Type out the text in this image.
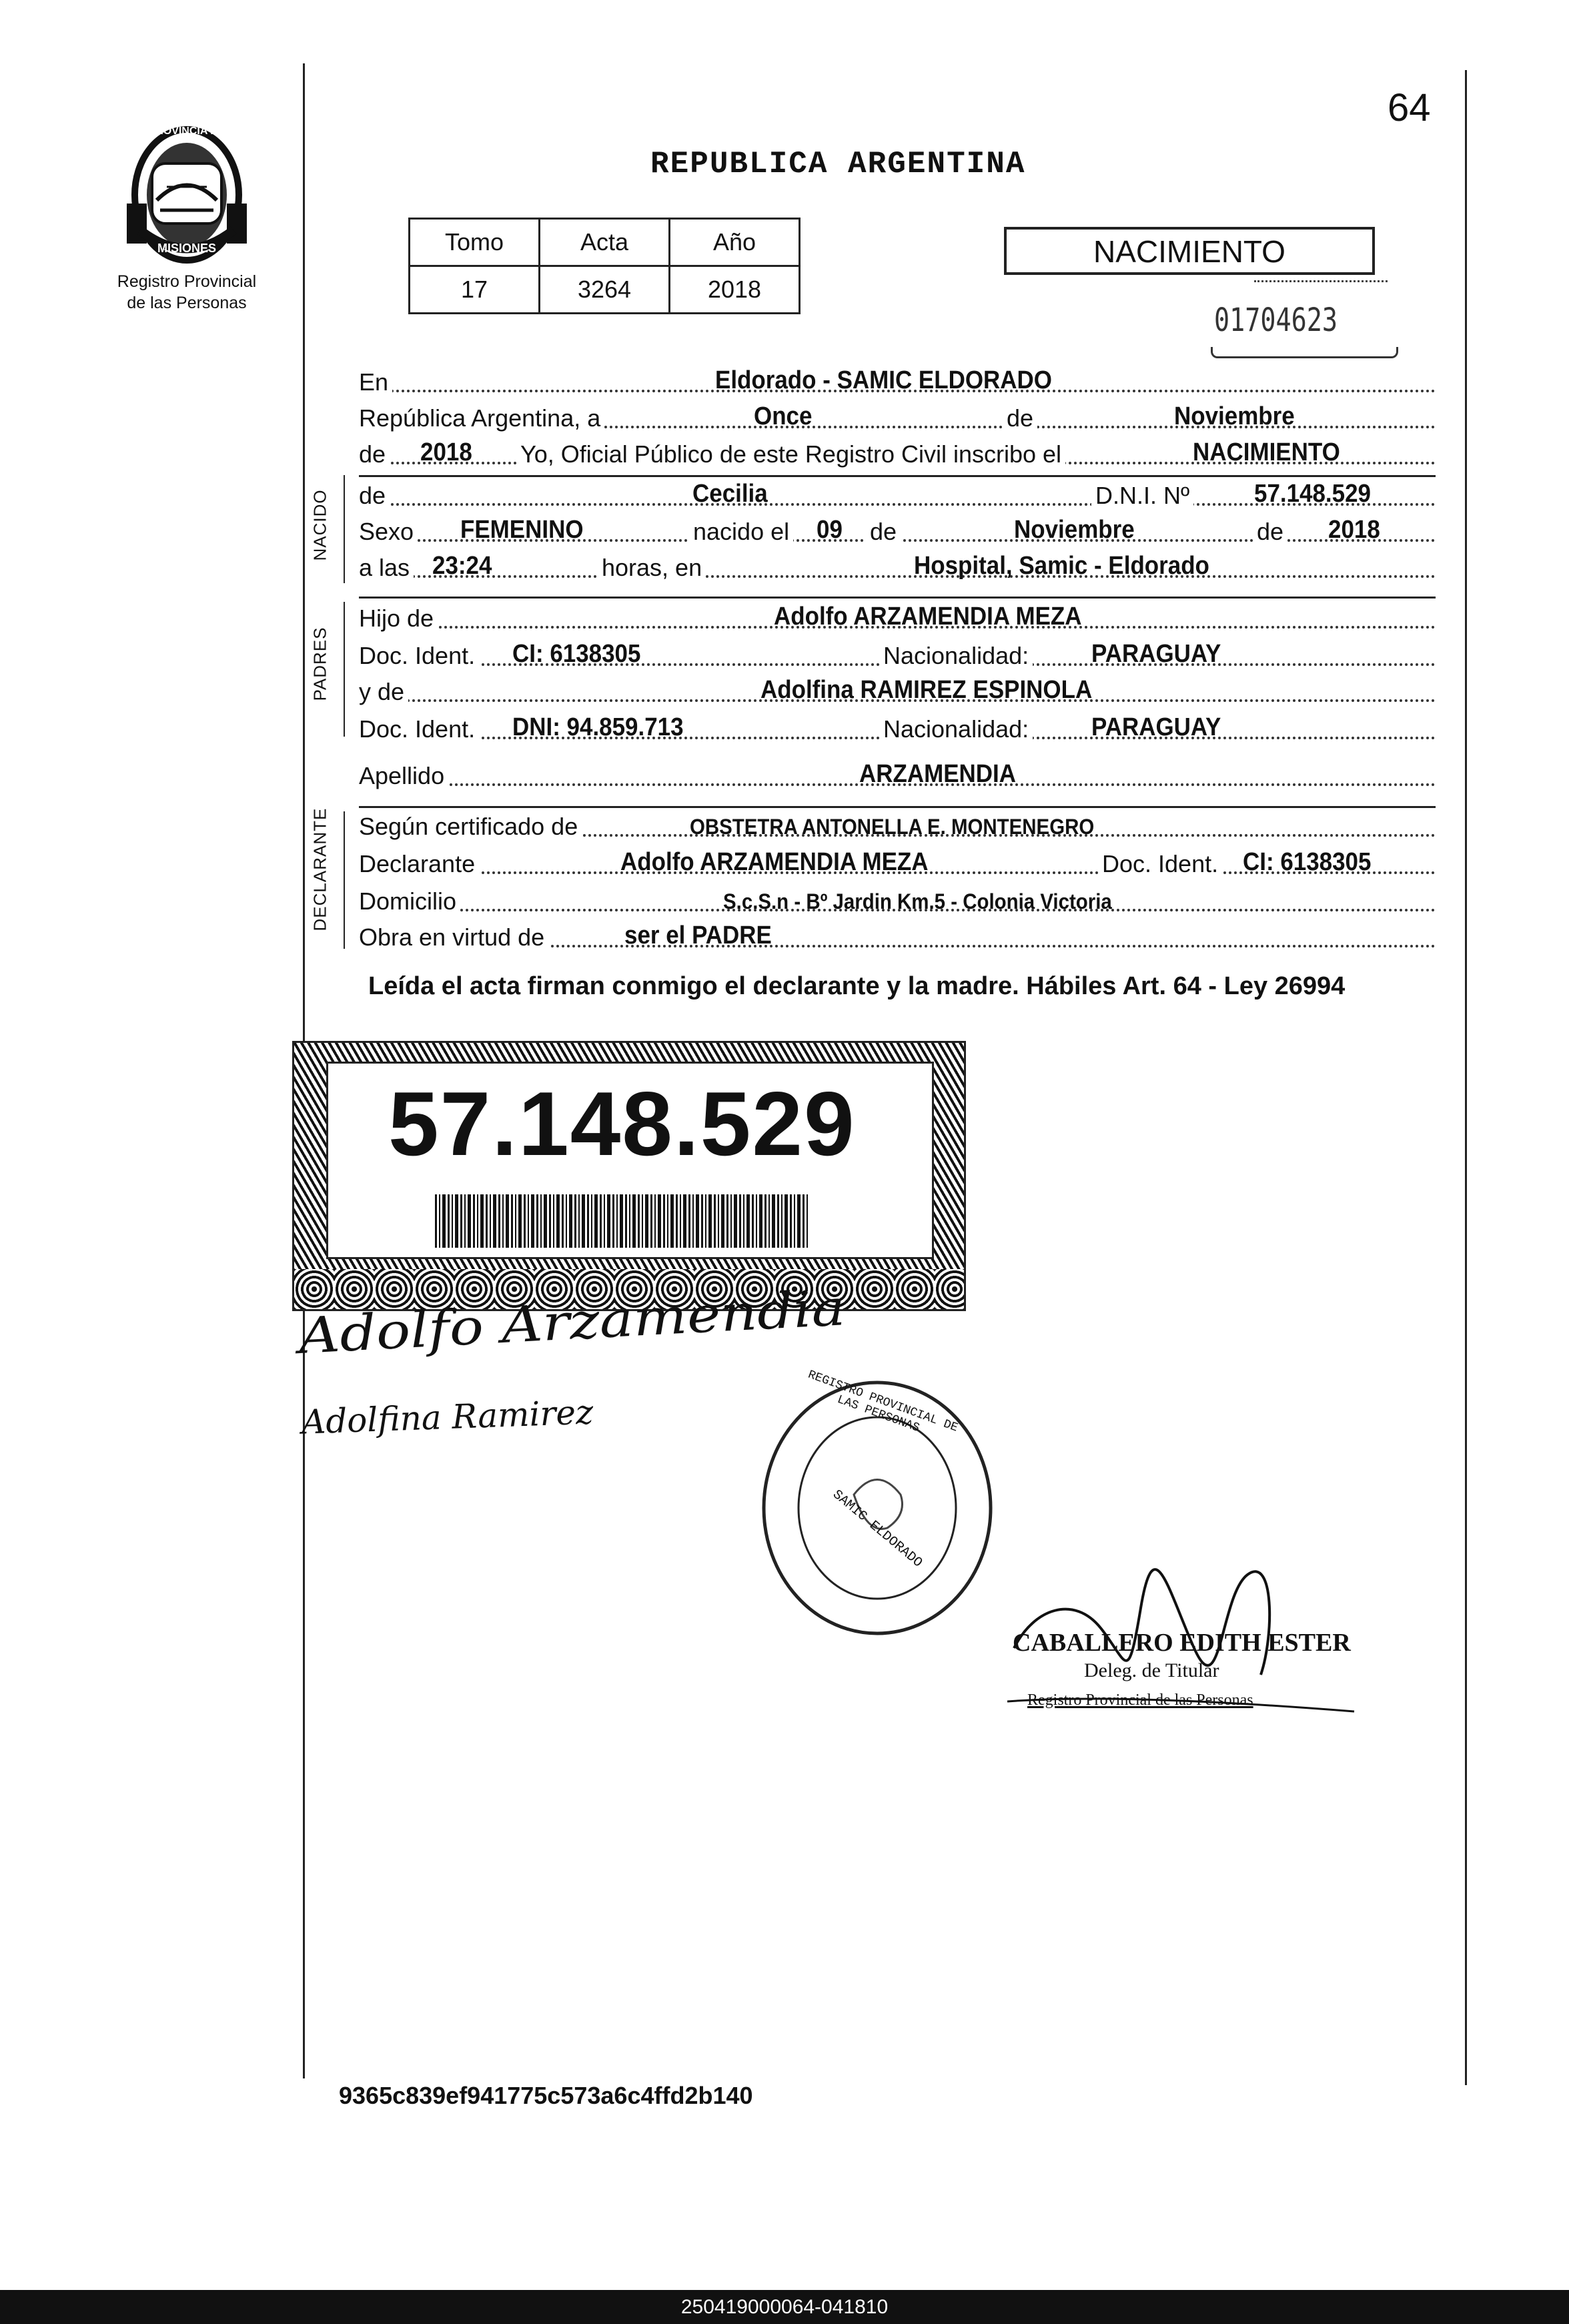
64
PROVINCIA DE
MISIONES
Registro Provincial
de las Personas
REPUBLICA ARGENTINA
Tomo	Acta	Año
17	3264	2018
NACIMIENTO
01704623
En	Eldorado - SAMIC ELDORADO
República Argentina, a	Once	de	Noviembre
de 2018 Yo, Oficial Público de este Registro Civil inscribo el	NACIMIENTO
NACIDO de	Cecilia	D.N.I. Nº	57.148.529
Sexo FEMENINO	nacido el 09 de	Noviembre	de 2018
a las 23:24	horas, en	Hospital, Samic - Eldorado
PADRES
Hijo de	Adolfo ARZAMENDIA MEZA
Doc. Ident. CI: 6138305	Nacionalidad: PARAGUAY
y de	Adolfina RAMIREZ ESPINOLA
Doc. Ident. DNI: 94.859.713	Nacionalidad: PARAGUAY
Apellido	ARZAMENDIA
DECLARANTE Según certificado de	OBSTETRA ANTONELLA E. MONTENEGRO
Declarante	Adolfo ARZAMENDIA MEZA	Doc. Ident. CI: 6138305
Domicilio	S.c.S.n - Bº Jardin Km.5 - Colonia Victoria
Obra en virtud de	ser el PADRE
Leída el acta firman conmigo el declarante y la madre. Hábiles Art. 64 - Ley 26994
57.148.529
Adolfo Arzamendia
Adolfina Ramirez	REGISTRO PROVINCIAL DE LAS PERSONAS
SAMIC ELDORADO
CABALLERO EDITH ESTER
Deleg. de Titular
Registro Provincial de las Personas
9365c839ef941775c573a6c4ffd2b140
250419000064-041810
